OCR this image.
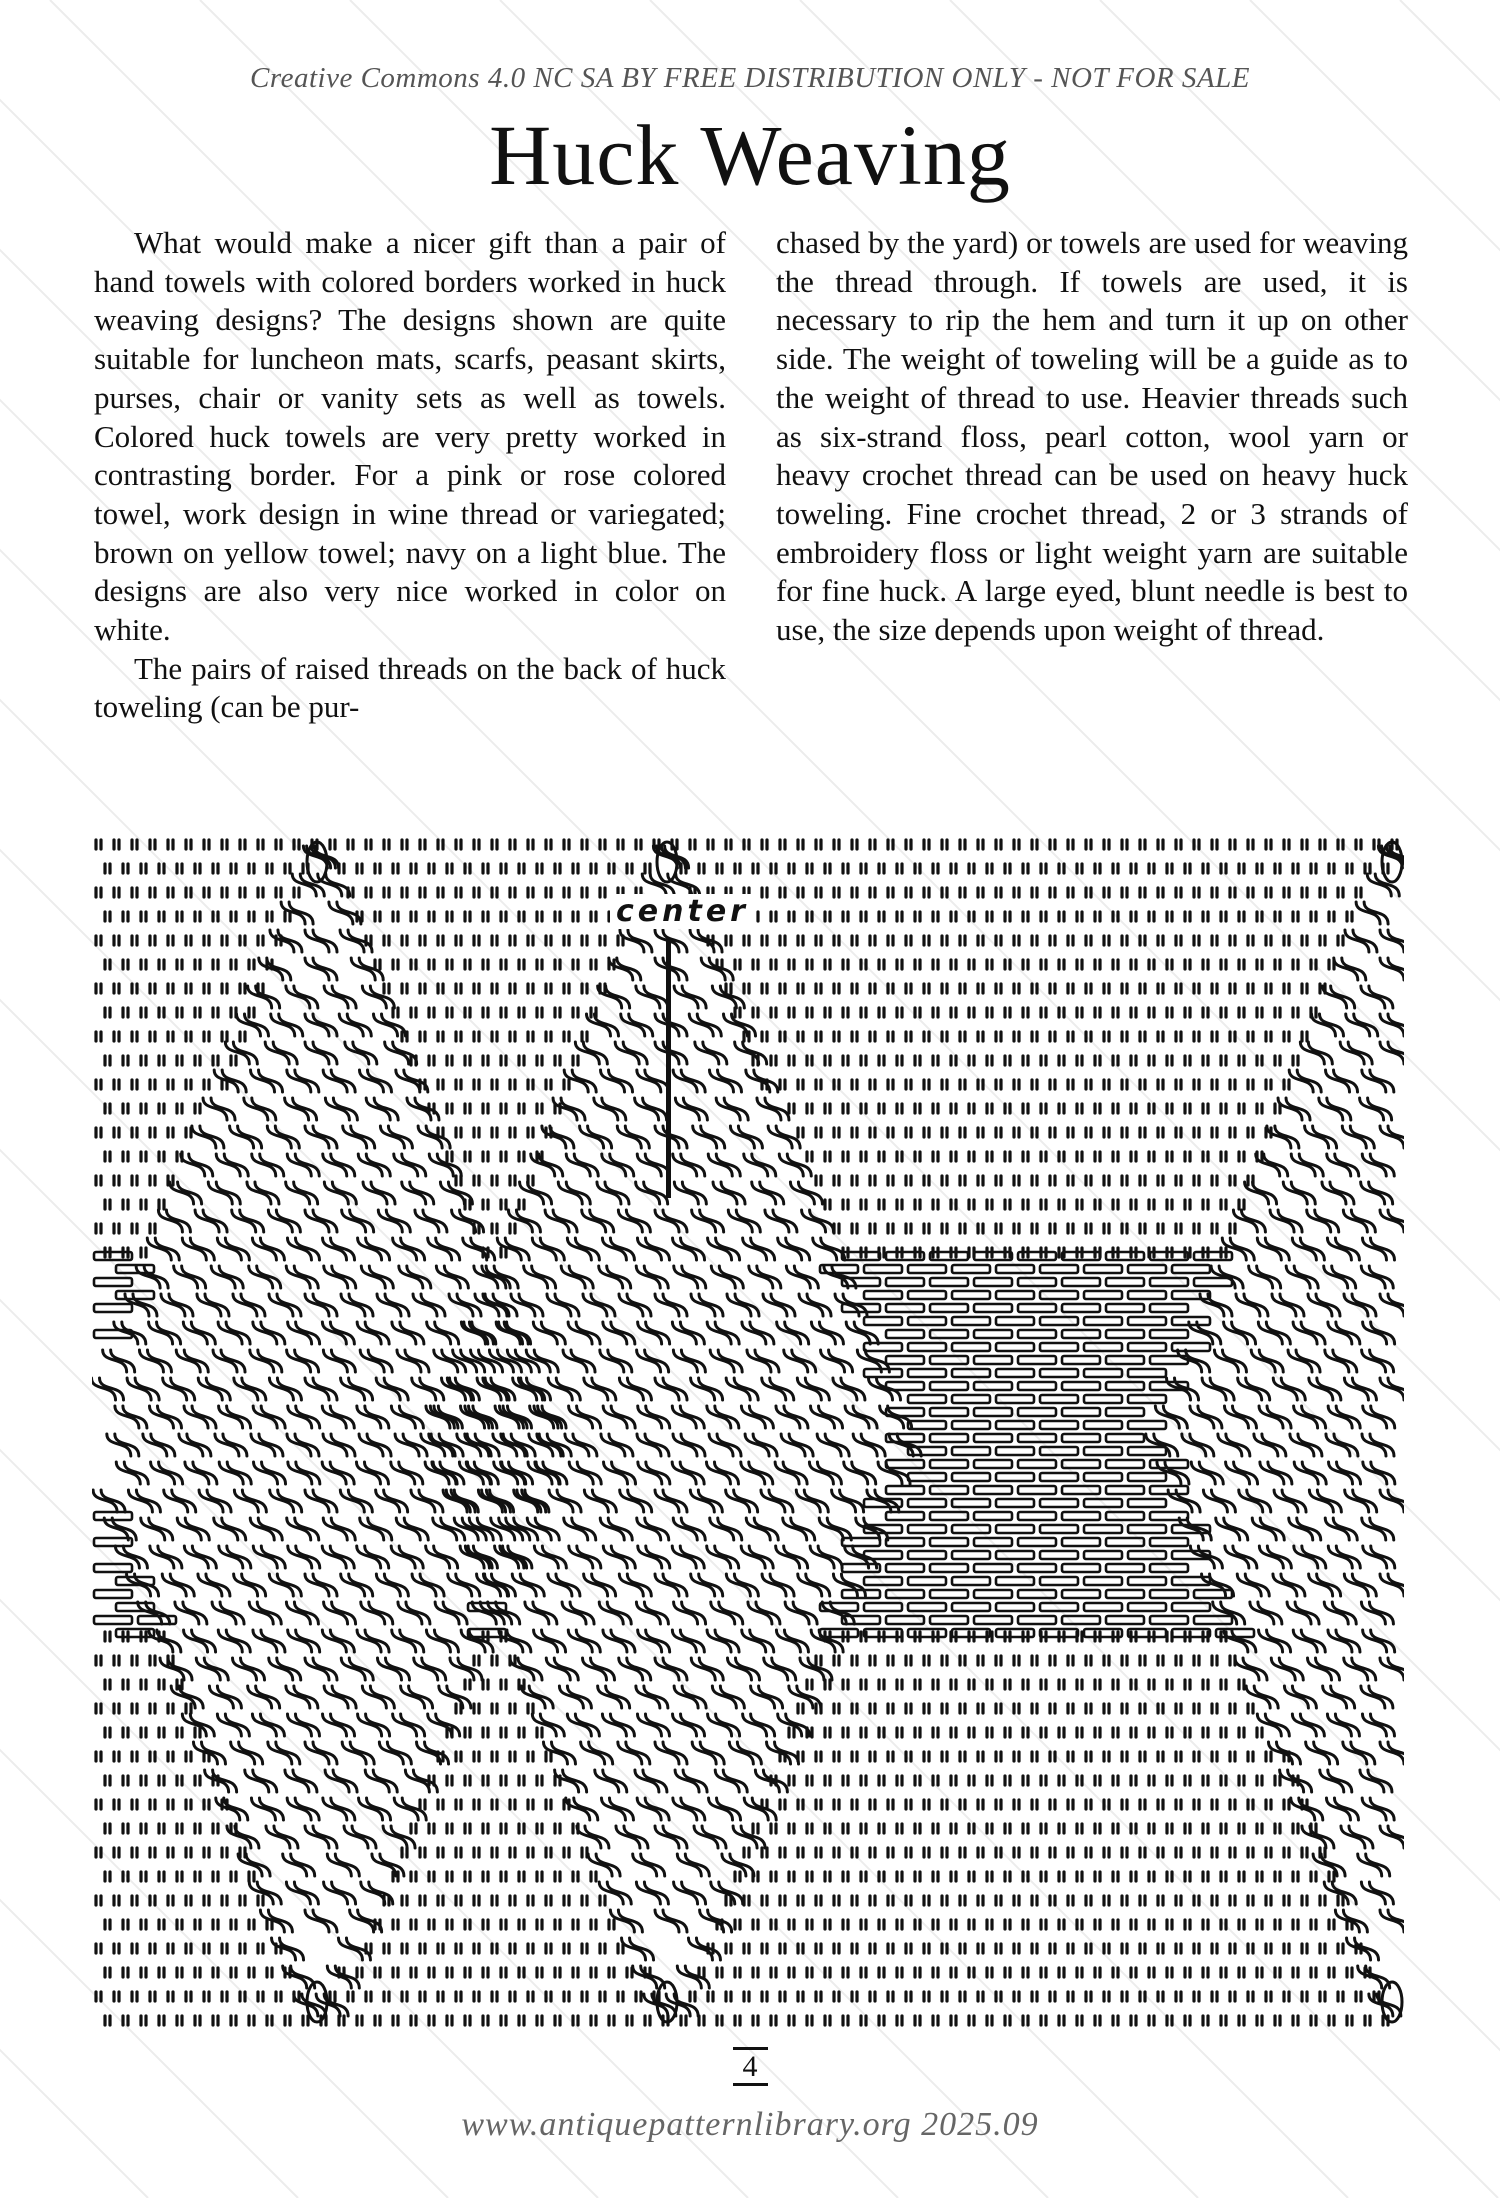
Creative Commons 4.0 NC SA BY FREE DISTRIBUTION ONLY - NOT FOR SALE
Huck Weaving

What would make a nicer gift than a pair of hand towels with colored borders worked in huck weaving designs? The designs shown are quite suitable for luncheon mats, scarfs, peasant skirts, purses, chair or vanity sets as well as towels. Colored huck towels are very pretty worked in contrasting border. For a pink or rose colored towel, work design in wine thread or variegated; brown on yellow towel; navy on a light blue. The designs are also very nice worked in color on white.

The pairs of raised threads on the back of huck toweling (can be pur-

chased by the yard) or towels are used for weaving the thread through. If towels are used, it is necessary to rip the hem and turn it up on other side. The weight of toweling will be a guide as to the weight of thread to use. Heavier threads such as six-strand floss, pearl cotton, wool yarn or heavy crochet thread can be used on heavy huck toweling. Fine crochet thread, 2 or 3 strands of embroidery floss or light weight yarn are suitable for fine huck. A large eyed, blunt needle is best to use, the size depends upon weight of thread.

center
4
www.antiquepatternlibrary.org 2025.09
